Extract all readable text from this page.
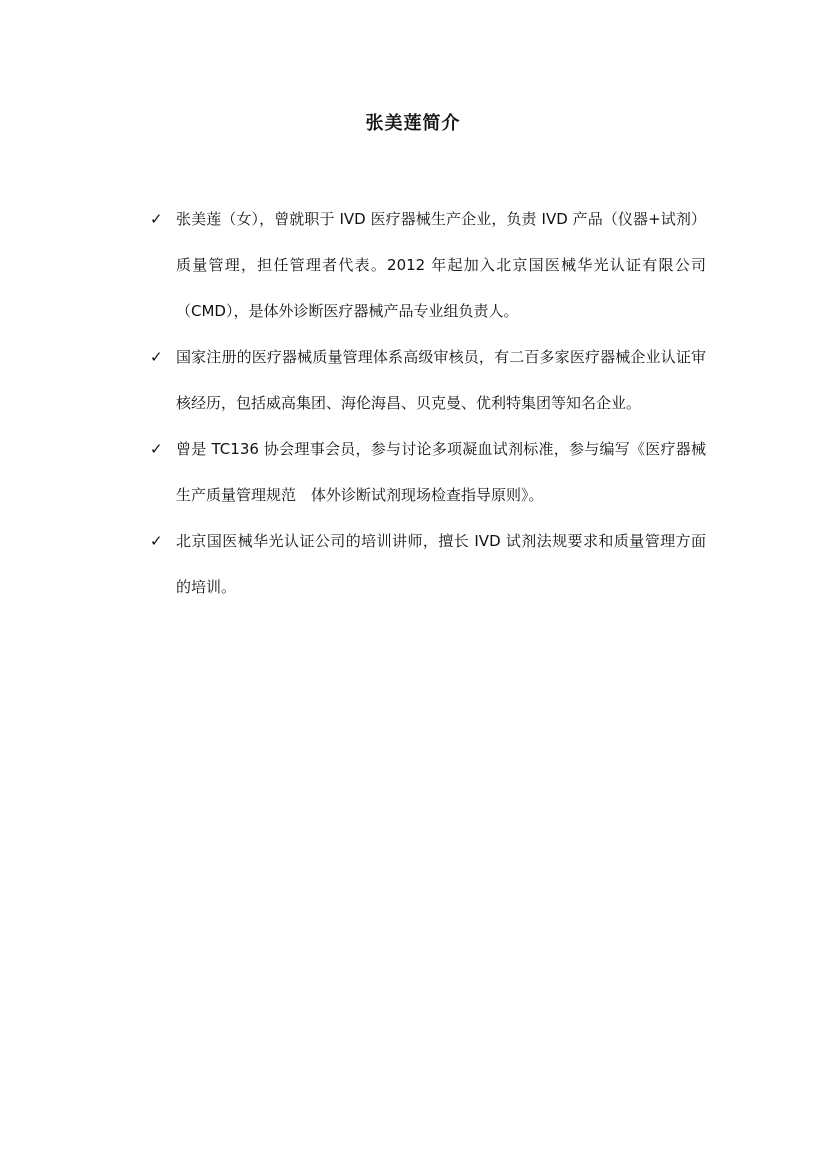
张美莲简介
✓ 张美莲（女），曾就职于 IVD 医疗器械生产企业，负责 IVD 产品（仪器+试剂）质量管理，担任管理者代表。2012 年起加入北京国医械华光认证有限公司（CMD），是体外诊断医疗器械产品专业组负责人。
✓ 国家注册的医疗器械质量管理体系高级审核员，有二百多家医疗器械企业认证审核经历，包括威高集团、海伦海昌、贝克曼、优利特集团等知名企业。
✓ 曾是 TC136 协会理事会员，参与讨论多项凝血试剂标准，参与编写《医疗器械生产质量管理规范　体外诊断试剂现场检查指导原则》。
✓ 北京国医械华光认证公司的培训讲师，擅长 IVD 试剂法规要求和质量管理方面的培训。
